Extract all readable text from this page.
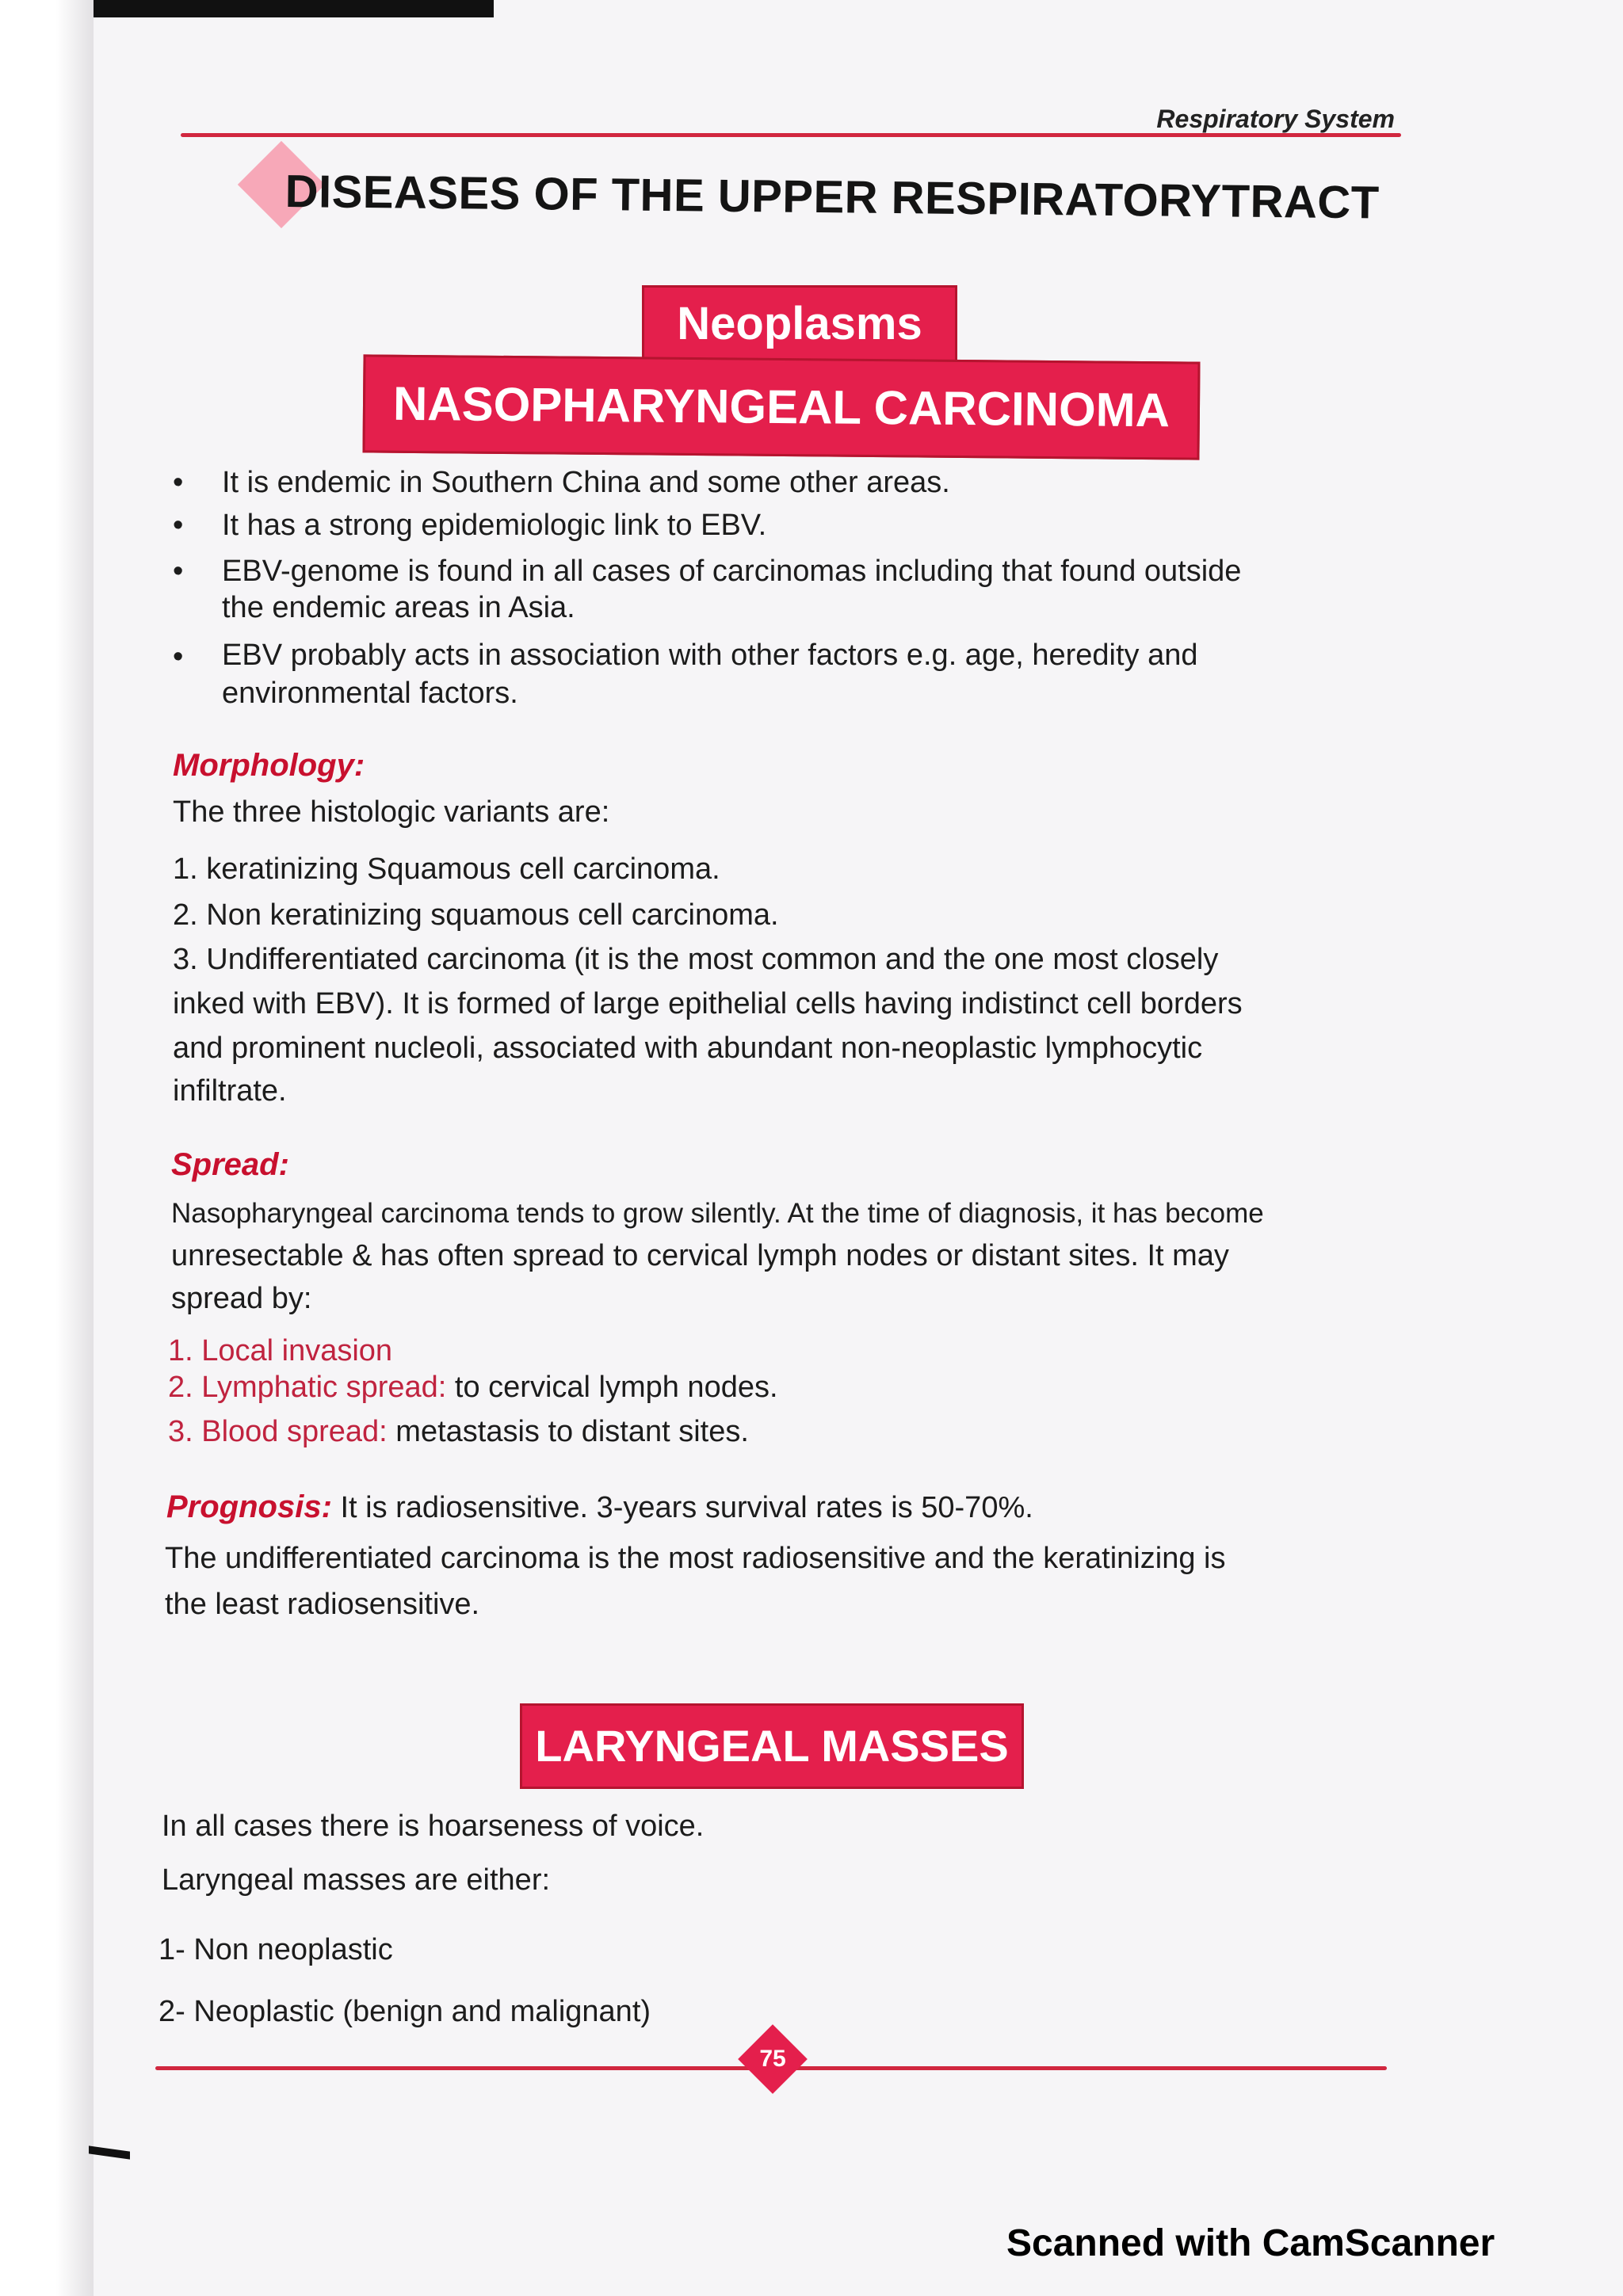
Respiratory System
DISEASES OF THE UPPER RESPIRATORYTRACT
Neoplasms
NASOPHARYNGEAL CARCINOMA
• It is endemic in Southern China and some other areas.
• It has a strong epidemiologic link to EBV.
• EBV-genome is found in all cases of carcinomas including that found outside
the endemic areas in Asia.
• EBV probably acts in association with other factors e.g. age, heredity and
environmental factors.
Morphology:
The three histologic variants are:
1. keratinizing Squamous cell carcinoma.
2. Non keratinizing squamous cell carcinoma.
3. Undifferentiated carcinoma (it is the most common and the one most closely
inked with EBV). It is formed of large epithelial cells having indistinct cell borders
and prominent nucleoli, associated with abundant non-neoplastic lymphocytic
infiltrate.
Spread:
Nasopharyngeal carcinoma tends to grow silently. At the time of diagnosis, it has become
unresectable & has often spread to cervical lymph nodes or distant sites. It may
spread by:
1. Local invasion
2. Lymphatic spread: to cervical lymph nodes.
3. Blood spread: metastasis to distant sites.
Prognosis: It is radiosensitive. 3-years survival rates is 50-70%.
The undifferentiated carcinoma is the most radiosensitive and the keratinizing is
the least radiosensitive.
LARYNGEAL MASSES
In all cases there is hoarseness of voice.
Laryngeal masses are either:
1- Non neoplastic
2- Neoplastic (benign and malignant)
75
Scanned with CamScanner
